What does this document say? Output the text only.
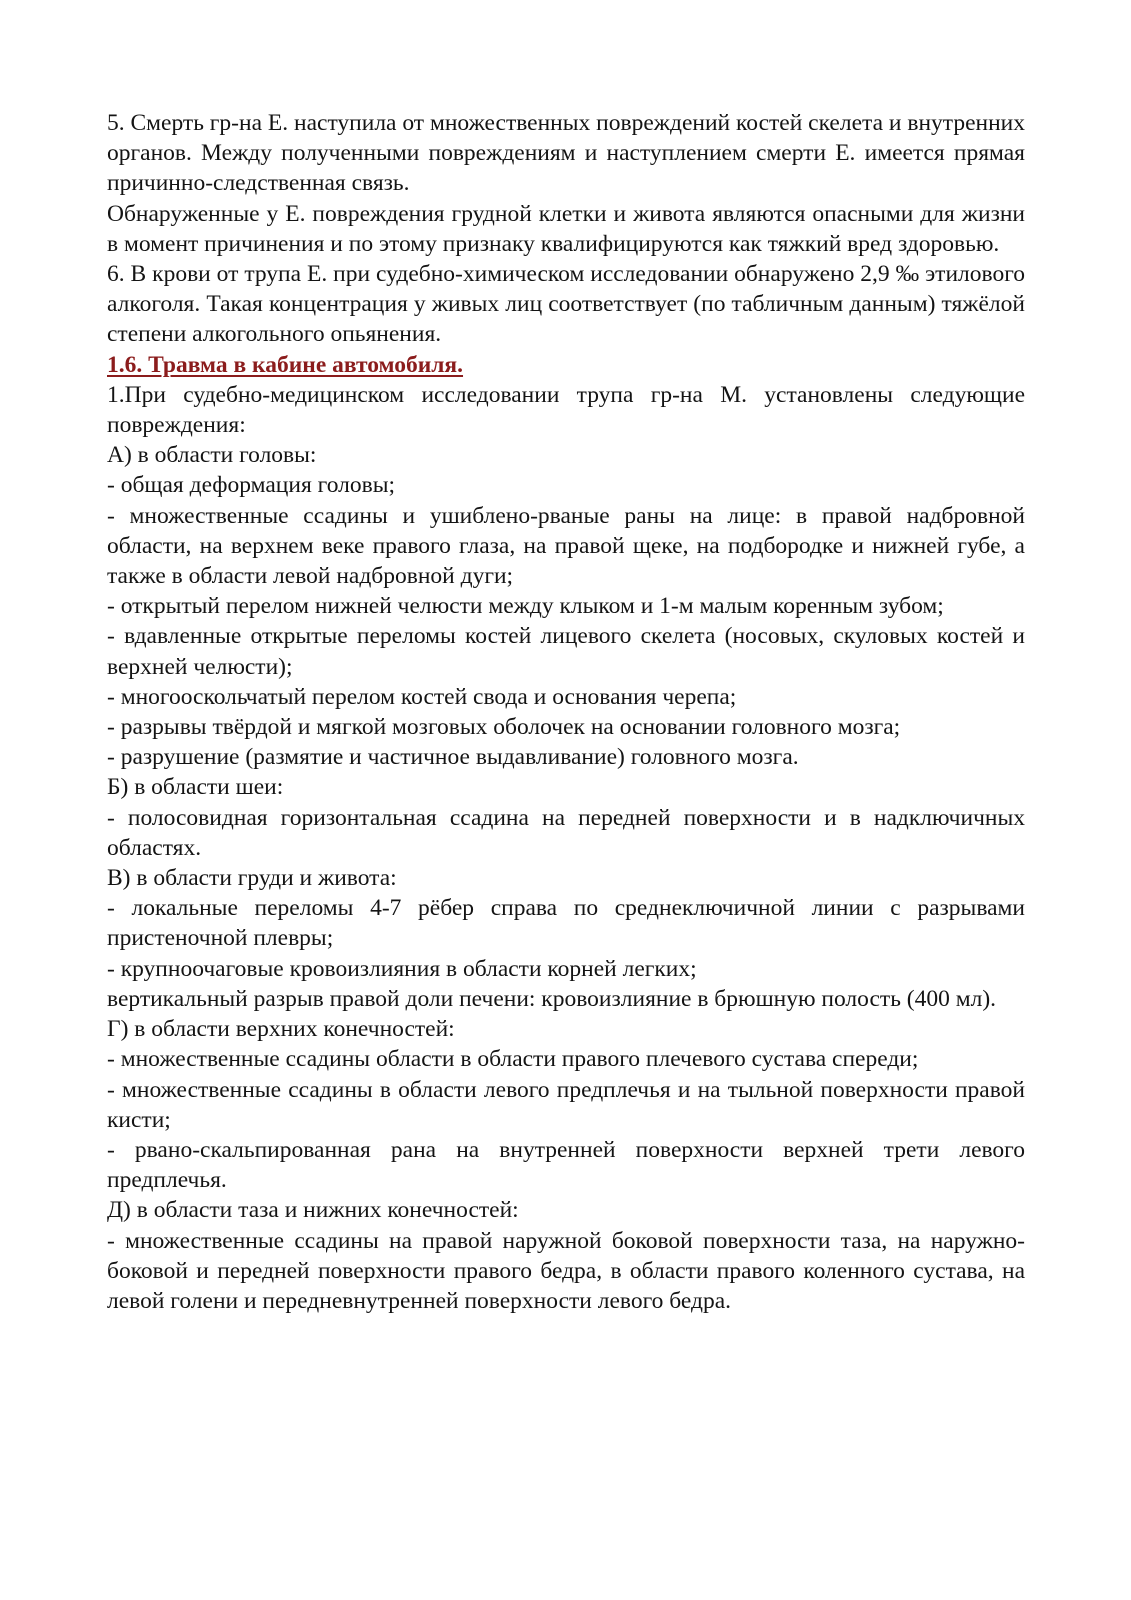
5. Смерть гр-на Е. наступила от множественных повреждений костей скелета и внутренних органов. Между полученными повреждениям и наступлением смерти Е. имеется прямая причинно-следственная связь.

Обнаруженные у Е. повреждения грудной клетки и живота являются опасными для жизни в момент причинения и по этому признаку квалифицируются как тяжкий вред здоровью.

6. В крови от трупа Е. при судебно-химическом исследовании обнаружено 2,9 ‰ этилового алкоголя. Такая концентрация у живых лиц соответствует (по табличным данным) тяжёлой степени алкогольного опьянения.

1.6. Травма в кабине автомобиля.

1.При судебно-медицинском исследовании трупа гр-на М. установлены следующие повреждения:

А) в области головы:

- общая деформация головы;

- множественные ссадины и ушиблено-рваные раны на лице: в правой надбровной области, на верхнем веке правого глаза, на правой щеке, на подбородке и нижней губе, а также в области левой надбровной дуги;

- открытый перелом нижней челюсти между клыком и 1-м малым коренным зубом;

- вдавленные открытые переломы костей лицевого скелета (носовых, скуловых костей и верхней челюсти);

- многооскольчатый перелом костей свода и основания черепа;

- разрывы твёрдой и мягкой мозговых оболочек на основании головного мозга;

- разрушение (размятие и частичное выдавливание) головного мозга.

Б) в области шеи:

- полосовидная горизонтальная ссадина на передней поверхности и в надключичных областях.

В) в области груди и живота:

- локальные переломы 4-7 рёбер справа по среднеключичной линии с разрывами пристеночной плевры;

- крупноочаговые кровоизлияния в области корней легких;

вертикальный разрыв правой доли печени: кровоизлияние в брюшную полость (400 мл).

Г) в области верхних конечностей:

- множественные ссадины области в области правого плечевого сустава спереди;

- множественные ссадины в области левого предплечья и на тыльной поверхности правой кисти;

- рвано-скальпированная рана на внутренней поверхности верхней трети левого предплечья.

Д) в области таза и нижних конечностей:

- множественные ссадины на правой наружной боковой поверхности таза, на наружно-боковой и передней поверхности правого бедра, в области правого коленного сустава, на левой голени и передневнутренней поверхности левого бедра.
